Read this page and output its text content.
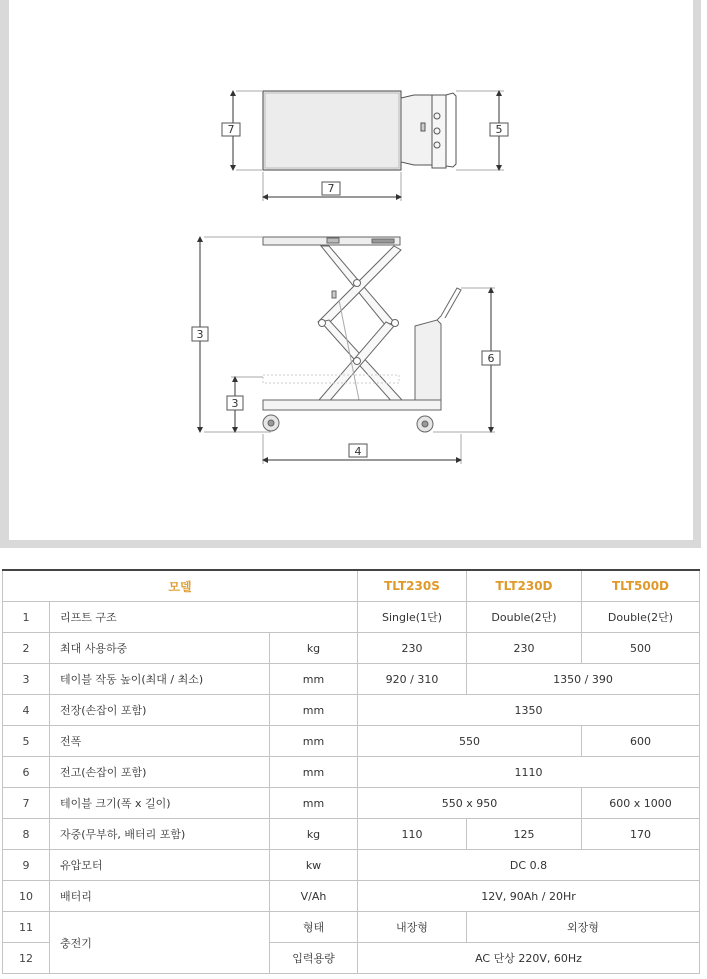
7
7
5
3
3
6
4
모델			TLT230S	TLT230D	TLT500D
1	리프트 구조		Single(1단)	Double(2단)	Double(2단)
2	최대 사용하중	kg	230	230	500
3	테이블 작동 높이(최대 / 최소)	mm	920 / 310	1350 / 390	
4	전장(손잡이 포함)	mm	1350		
5	전폭	mm	550		600
6	전고(손잡이 포함)	mm	1110		
7	테이블 크기(폭 x 길이)	mm	550 x 950		600 x 1000
8	자중(무부하, 배터리 포함)	kg	110	125	170
9	유압모터	kw	DC 0.8		
10	배터리	V/Ah	12V, 90Ah / 20Hr		
11	충전기	형태	내장형	외장형	
12		입력용량	AC 단상 220V, 60Hz		
